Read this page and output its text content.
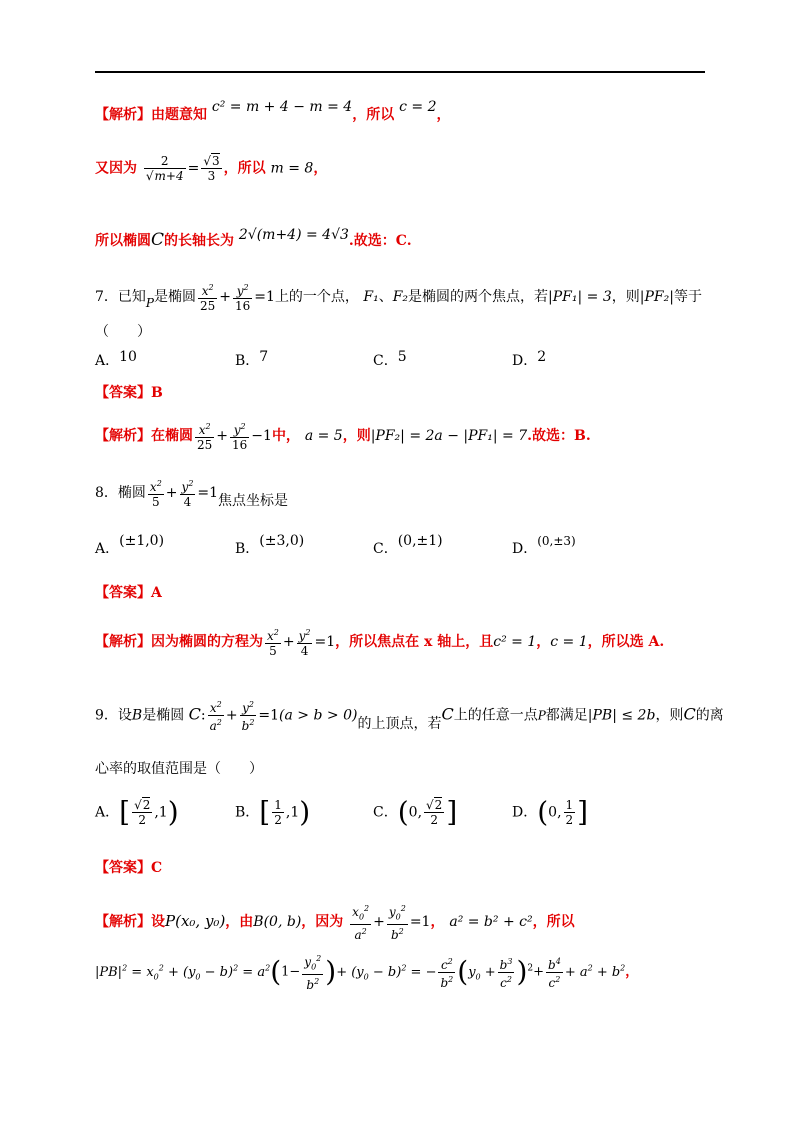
【解析】由题意知 c² = m + 4 − m = 4，所以 c = 2，
又因为 $\frac{2}{√m+4} = \frac{√3}{3}$ ，所以 m = 8，
所以椭圆C的长轴长为 2√(m+4) = 4√3.故选：C.
7．已知P是椭圆 $\frac{x^2}{25} + \frac{y^2}{16} =1$上的一个点， F₁、F₂是椭圆的两个焦点，若|PF₁| = 3，则|PF₂|等于
（　　）
A．10	B．7	C．5	D．2
【答案】B
【解析】在椭圆 $\frac{x^2}{25} + \frac{y^2}{16} -1$中， a = 5，则|PF₂| = 2a − |PF₁| = 7.故选：B.
8．椭圆 $\frac{x^2}{5} + \frac{y^2}{4} =1$焦点坐标是
A．(±1,0)	B．(±3,0)	C．(0,±1)	D．(0,±3)
【答案】A
【解析】因为椭圆的方程为 $\frac{x^2}{5} + \frac{y^2}{4} =1$，所以焦点在 x 轴上，且c² = 1，c = 1，所以选 A.
9．设B是椭圆 C: $\frac{x^2}{a^2} + \frac{y^2}{b^2} =1(a > b > 0)$的上顶点，若C上的任意一点P都满足|PB| ≤ 2b，则C的离
心率的取值范围是（　　）
A．[ $\frac{√2}{2} ,1$)	B．[ $\frac{1}{2} ,1$)	C．(0, $\frac{√2}{2}$ ]	D．(0, $\frac{1}{2}$ ]
【答案】C
【解析】设P(x₀, y₀)，由B(0, b)，因为 $\frac{x_0^2}{a^2} + \frac{y_0^2}{b^2} =1$， a² = b² + c²，所以
$|PB|^2 = x_0^2 + (y_0 - b)^2 = a^2(1- \frac{y_0^2}{b^2}$ )+ $(y_0 - b)^2$ = − $\frac{c^2}{b^2} (y_0 + \frac{b^3}{c^2} )^2+ \frac{b^4}{c^2} + a^2 + b^2$，
